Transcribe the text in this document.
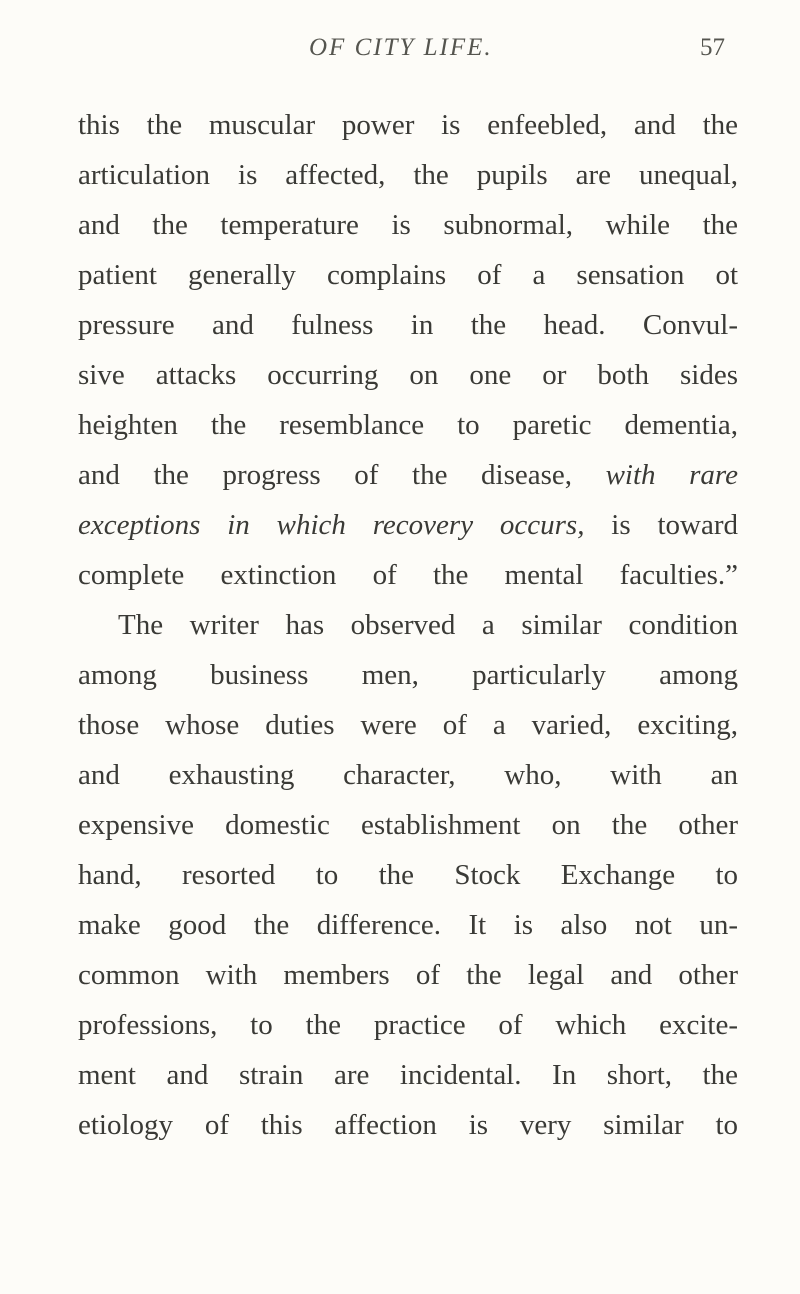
OF CITY LIFE.	57
this the muscular power is enfeebled, and the
articulation is affected, the pupils are unequal,
and the temperature is subnormal, while the
patient generally complains of a sensation ot
pressure and fulness in the head. Convul-
sive attacks occurring on one or both sides
heighten the resemblance to paretic dementia,
and the progress of the disease, with rare
exceptions in which recovery occurs, is toward
complete extinction of the mental faculties.”
The writer has observed a similar condition
among business men, particularly among
those whose duties were of a varied, exciting,
and exhausting character, who, with an
expensive domestic establishment on the other
hand, resorted to the Stock Exchange to
make good the difference. It is also not un-
common with members of the legal and other
professions, to the practice of which excite-
ment and strain are incidental. In short, the
etiology of this affection is very similar to
